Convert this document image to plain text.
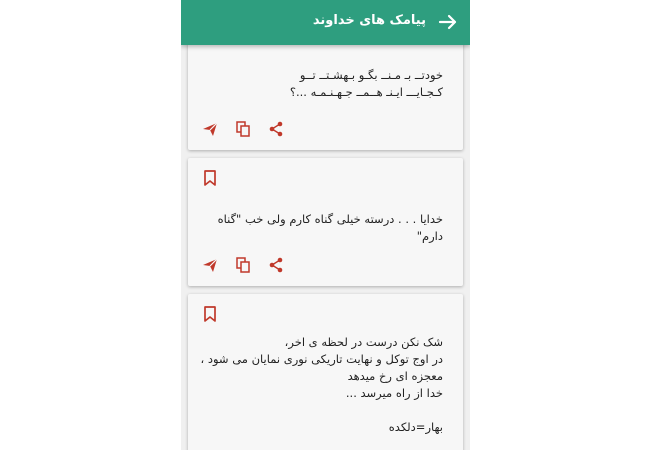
پیامک های خداوند
خودتــ بـ مـنــ بگـو بـهشـتــ تــو
کـجـایـــ ایـنـ هــمــ جـهـنـمـه ...؟
خدایا . . . درسته خیلی گناه کارم ولی خب "گناه دارم"
شک نکن درست در لحظه ی اخر،
در اوج توکل و نهایت تاریکی نوری نمایان می شود ،
معجزه ای رخ میدهد
خدا از راه میرسد ...

بهار=دلکده
